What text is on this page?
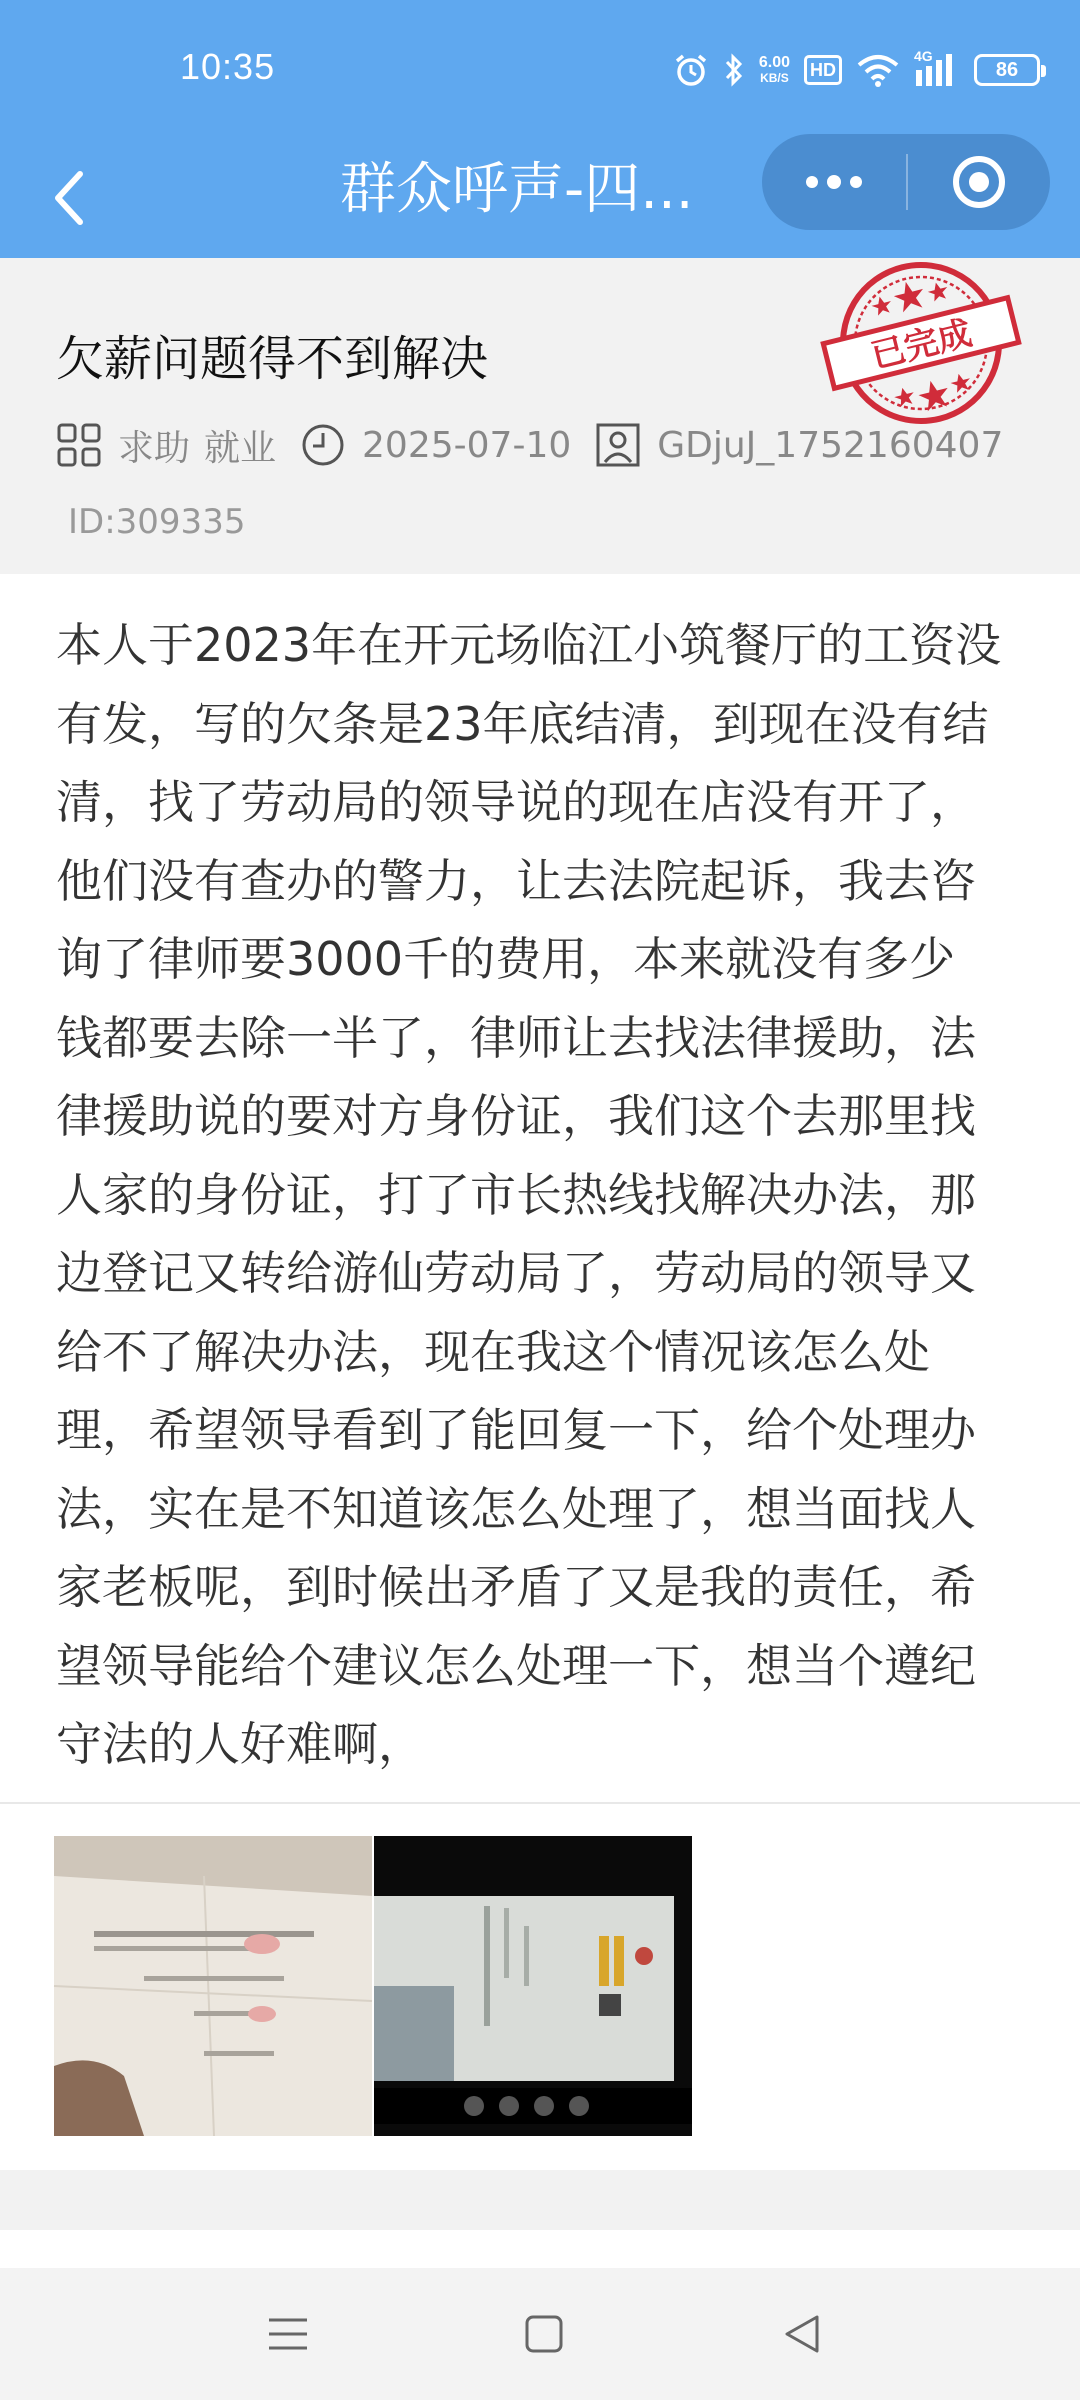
10:35	6.00
KB/S	HD
4G
86
群众呼声-四...
欠薪问题得不到解决	已完成
求助 就业 2025-07-10 GDjuJ_1752160407
ID:309335
本人于2023年在开元场临江小筑餐厅的工资没
有发，写的欠条是23年底结清，到现在没有结
清，找了劳动局的领导说的现在店没有开了，
他们没有查办的警力，让去法院起诉，我去咨
询了律师要3000千的费用，本来就没有多少
钱都要去除一半了，律师让去找法律援助，法
律援助说的要对方身份证，我们这个去那里找
人家的身份证，打了市长热线找解决办法，那
边登记又转给游仙劳动局了，劳动局的领导又
给不了解决办法，现在我这个情况该怎么处
理，希望领导看到了能回复一下，给个处理办
法，实在是不知道该怎么处理了，想当面找人
家老板呢，到时候出矛盾了又是我的责任，希
望领导能给个建议怎么处理一下，想当个遵纪
守法的人好难啊，
